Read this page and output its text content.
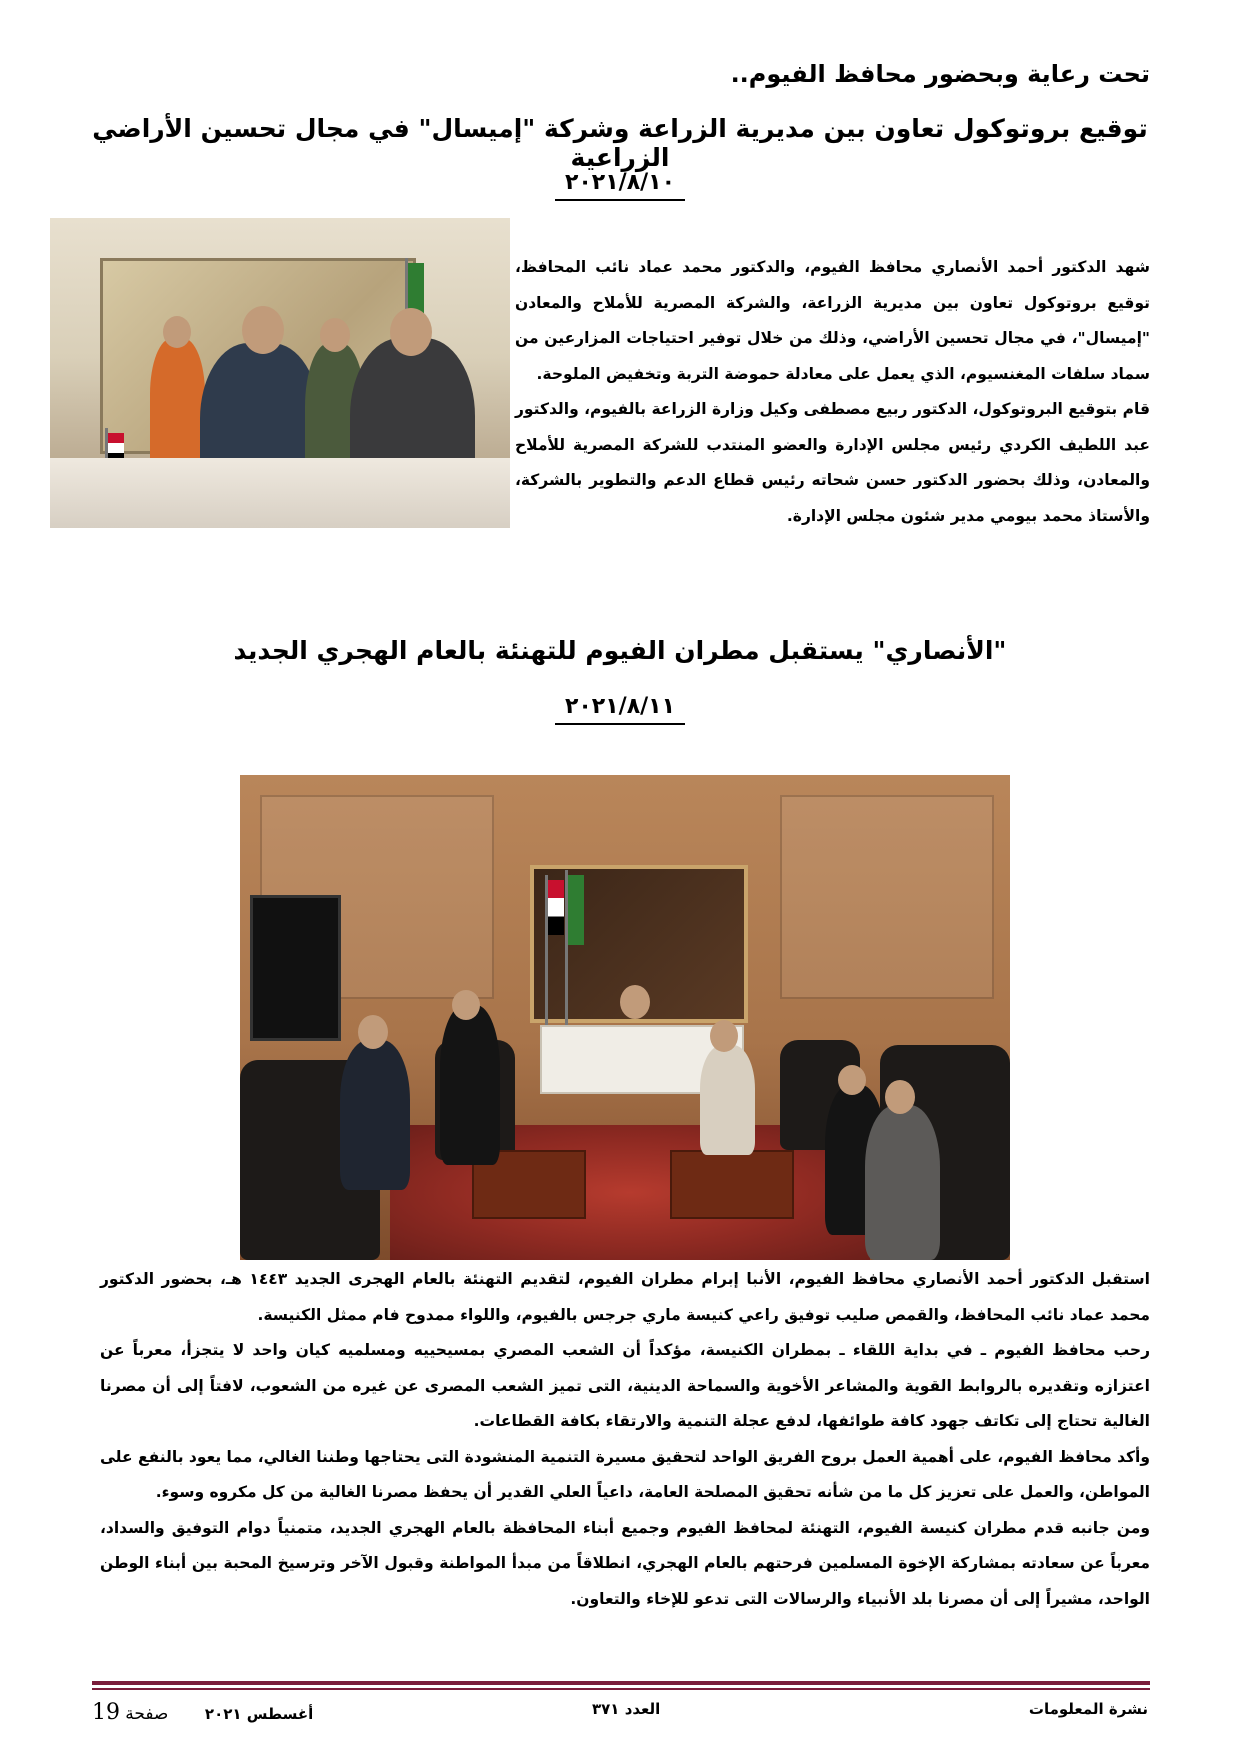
تحت رعاية وبحضور محافظ الفيوم..
توقيع بروتوكول تعاون بين مديرية الزراعة وشركة "إميسال" في مجال تحسين الأراضي الزراعية
٢٠٢١/٨/١٠

شهد الدكتور أحمد الأنصاري محافظ الفيوم، والدكتور محمد عماد نائب المحافظ، توقيع بروتوكول تعاون بين مديرية الزراعة، والشركة المصرية للأملاح والمعادن "إميسال"، في مجال تحسين الأراضي، وذلك من خلال توفير احتياجات المزارعين من سماد سلفات المغنسيوم، الذي يعمل على معادلة حموضة التربة وتخفيض الملوحة.

قام بتوقيع البروتوكول، الدكتور ربيع مصطفى وكيل وزارة الزراعة بالفيوم، والدكتور عبد اللطيف الكردي رئيس مجلس الإدارة والعضو المنتدب للشركة المصرية للأملاح والمعادن، وذلك بحضور الدكتور حسن شحاته رئيس قطاع الدعم والتطوير بالشركة، والأستاذ محمد بيومي مدير شئون مجلس الإدارة.

"الأنصاري" يستقبل مطران الفيوم للتهنئة بالعام الهجري الجديد
٢٠٢١/٨/١١

استقبل الدكتور أحمد الأنصاري محافظ الفيوم، الأنبا إبرام مطران الفيوم، لتقديم التهنئة بالعام الهجرى الجديد ١٤٤٣ هـ، بحضور الدكتور محمد عماد نائب المحافظ، والقمص صليب توفيق راعي كنيسة ماري جرجس بالفيوم، واللواء ممدوح فام ممثل الكنيسة.

رحب محافظ الفيوم ـ في بداية اللقاء ـ بمطران الكنيسة، مؤكداً أن الشعب المصري بمسيحييه ومسلميه كيان واحد لا يتجزأ، معرباً عن اعتزازه وتقديره بالروابط القوية والمشاعر الأخوية والسماحة الدينية، التى تميز الشعب المصرى عن غيره من الشعوب، لافتاً إلى أن مصرنا الغالية تحتاج إلى تكاتف جهود كافة طوائفها، لدفع عجلة التنمية والارتقاء بكافة القطاعات.

وأكد محافظ الفيوم، على أهمية العمل بروح الفريق الواحد لتحقيق مسيرة التنمية المنشودة التى يحتاجها وطننا الغالي، مما يعود بالنفع على المواطن، والعمل على تعزيز كل ما من شأنه تحقيق المصلحة العامة، داعياً العلي القدير أن يحفظ مصرنا الغالية من كل مكروه وسوء.

ومن جانبه قدم مطران كنيسة الفيوم، التهنئة لمحافظ الفيوم وجميع أبناء المحافظة بالعام الهجري الجديد، متمنياً دوام التوفيق والسداد، معرباً عن سعادته بمشاركة الإخوة المسلمين فرحتهم بالعام الهجري، انطلاقاً من مبدأ المواطنة وقبول الآخر وترسيخ المحبة بين أبناء الوطن الواحد، مشيراً إلى أن مصرنا بلد الأنبياء والرسالات التى تدعو للإخاء والتعاون.

نشرة المعلومات
العدد ٣٧١
أغسطس ٢٠٢١       صفحة 19
